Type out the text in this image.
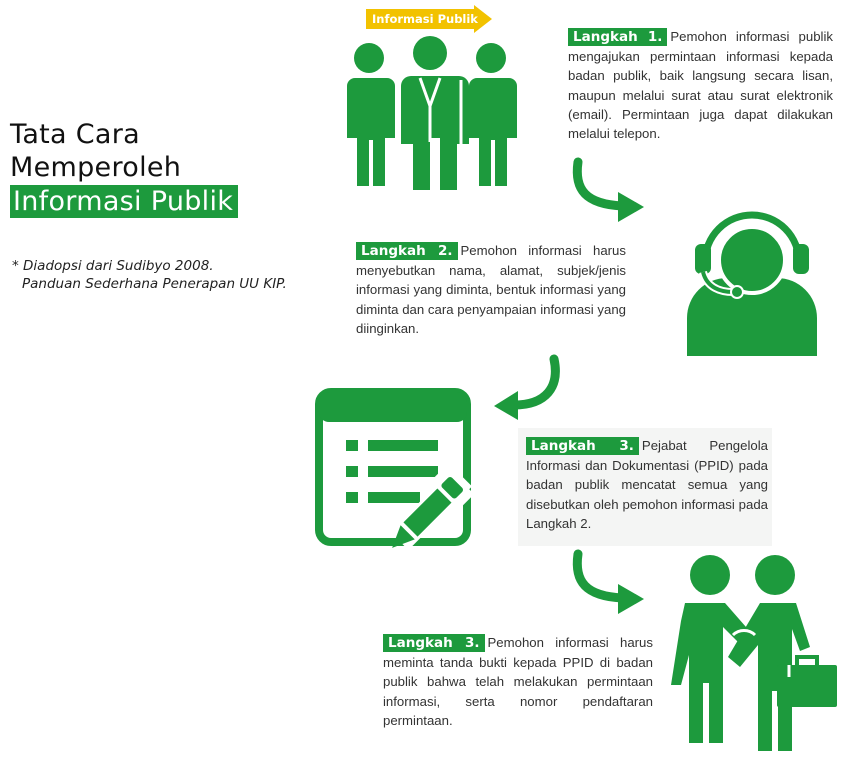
Tata Cara
Memperoleh
Informasi Publik
* Diadopsi dari Sudibyo 2008.
Panduan Sederhana Penerapan UU KIP.
Informasi Publik
Langkah 1. Pemohon informasi publik mengajukan permintaan informasi kepada badan publik, baik langsung secara lisan, maupun melalui surat atau surat elektronik (email). Permintaan juga dapat dilakukan melalui telepon.
Langkah 2. Pemohon informasi harus menyebutkan nama, alamat, subjek/jenis informasi yang diminta, bentuk informasi yang diminta dan cara penyampaian informasi yang diinginkan.
Langkah 3. Pejabat Pengelola Informasi dan Dokumentasi (PPID) pada badan publik mencatat semua yang disebutkan oleh pemohon informasi pada Langkah 2.
Langkah 3. Pemohon informasi harus meminta tanda bukti kepada PPID di badan publik bahwa telah melakukan permintaan informasi, serta nomor pendaftaran permintaan.
